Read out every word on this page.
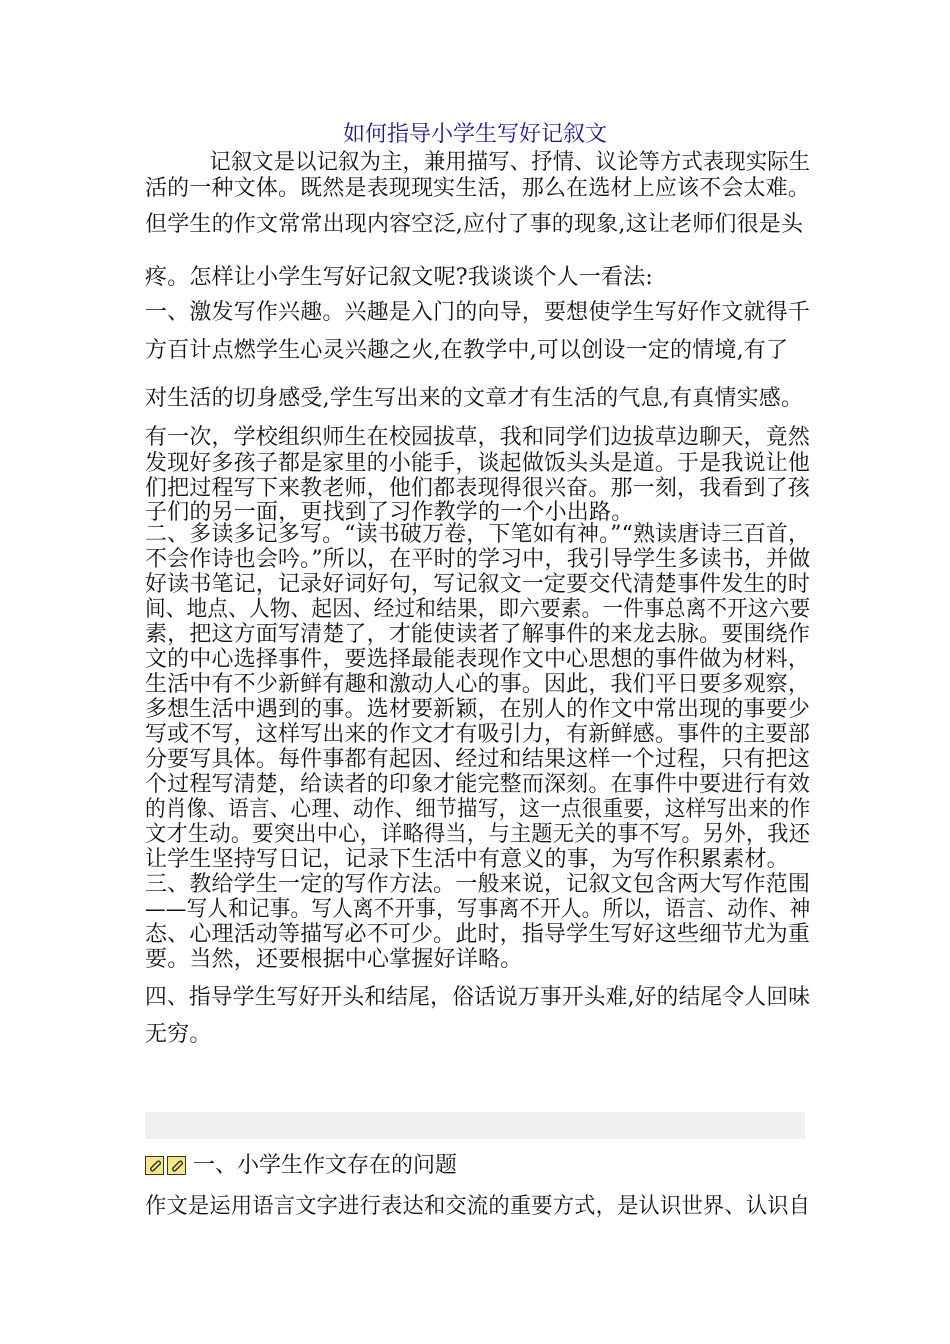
如何指导小学生写好记叙文
　　　记叙文是以记叙为主，兼用描写、抒情、议论等方式表现实际生
活的一种文体。既然是表现现实生活，那么在选材上应该不会太难。
但学生的作文常常出现内容空泛,应付了事的现象,这让老师们很是头
疼。怎样让小学生写好记叙文呢?我谈谈个人一看法:
一、激发写作兴趣。兴趣是入门的向导，要想使学生写好作文就得千
方百计点燃学生心灵兴趣之火,在教学中,可以创设一定的情境,有了
对生活的切身感受,学生写出来的文章才有生活的气息,有真情实感。
有一次，学校组织师生在校园拔草，我和同学们边拔草边聊天，竟然
发现好多孩子都是家里的小能手，谈起做饭头头是道。于是我说让他
们把过程写下来教老师，他们都表现得很兴奋。那一刻，我看到了孩
子们的另一面，更找到了习作教学的一个小出路。
二、多读多记多写。“读书破万卷，下笔如有神。”“熟读唐诗三百首，
不会作诗也会吟。”所以，在平时的学习中，我引导学生多读书，并做
好读书笔记，记录好词好句，写记叙文一定要交代清楚事件发生的时
间、地点、人物、起因、经过和结果，即六要素。一件事总离不开这六要
素，把这方面写清楚了，才能使读者了解事件的来龙去脉。要围绕作
文的中心选择事件，要选择最能表现作文中心思想的事件做为材料，
生活中有不少新鲜有趣和激动人心的事。因此，我们平日要多观察，
多想生活中遇到的事。选材要新颖，在别人的作文中常出现的事要少
写或不写，这样写出来的作文才有吸引力，有新鲜感。事件的主要部
分要写具体。每件事都有起因、经过和结果这样一个过程，只有把这
个过程写清楚，给读者的印象才能完整而深刻。在事件中要进行有效
的肖像、语言、心理、动作、细节描写，这一点很重要，这样写出来的作
文才生动。要突出中心，详略得当，与主题无关的事不写。另外，我还
让学生坚持写日记，记录下生活中有意义的事，为写作积累素材。
三、教给学生一定的写作方法。一般来说，记叙文包含两大写作范围
——写人和记事。写人离不开事，写事离不开人。所以，语言、动作、神
态、心理活动等描写必不可少。此时，指导学生写好这些细节尤为重
要。当然，还要根据中心掌握好详略。
四、指导学生写好开头和结尾，俗话说万事开头难,好的结尾令人回味
无穷。
一、小学生作文存在的问题
作文是运用语言文字进行表达和交流的重要方式，是认识世界、认识自
